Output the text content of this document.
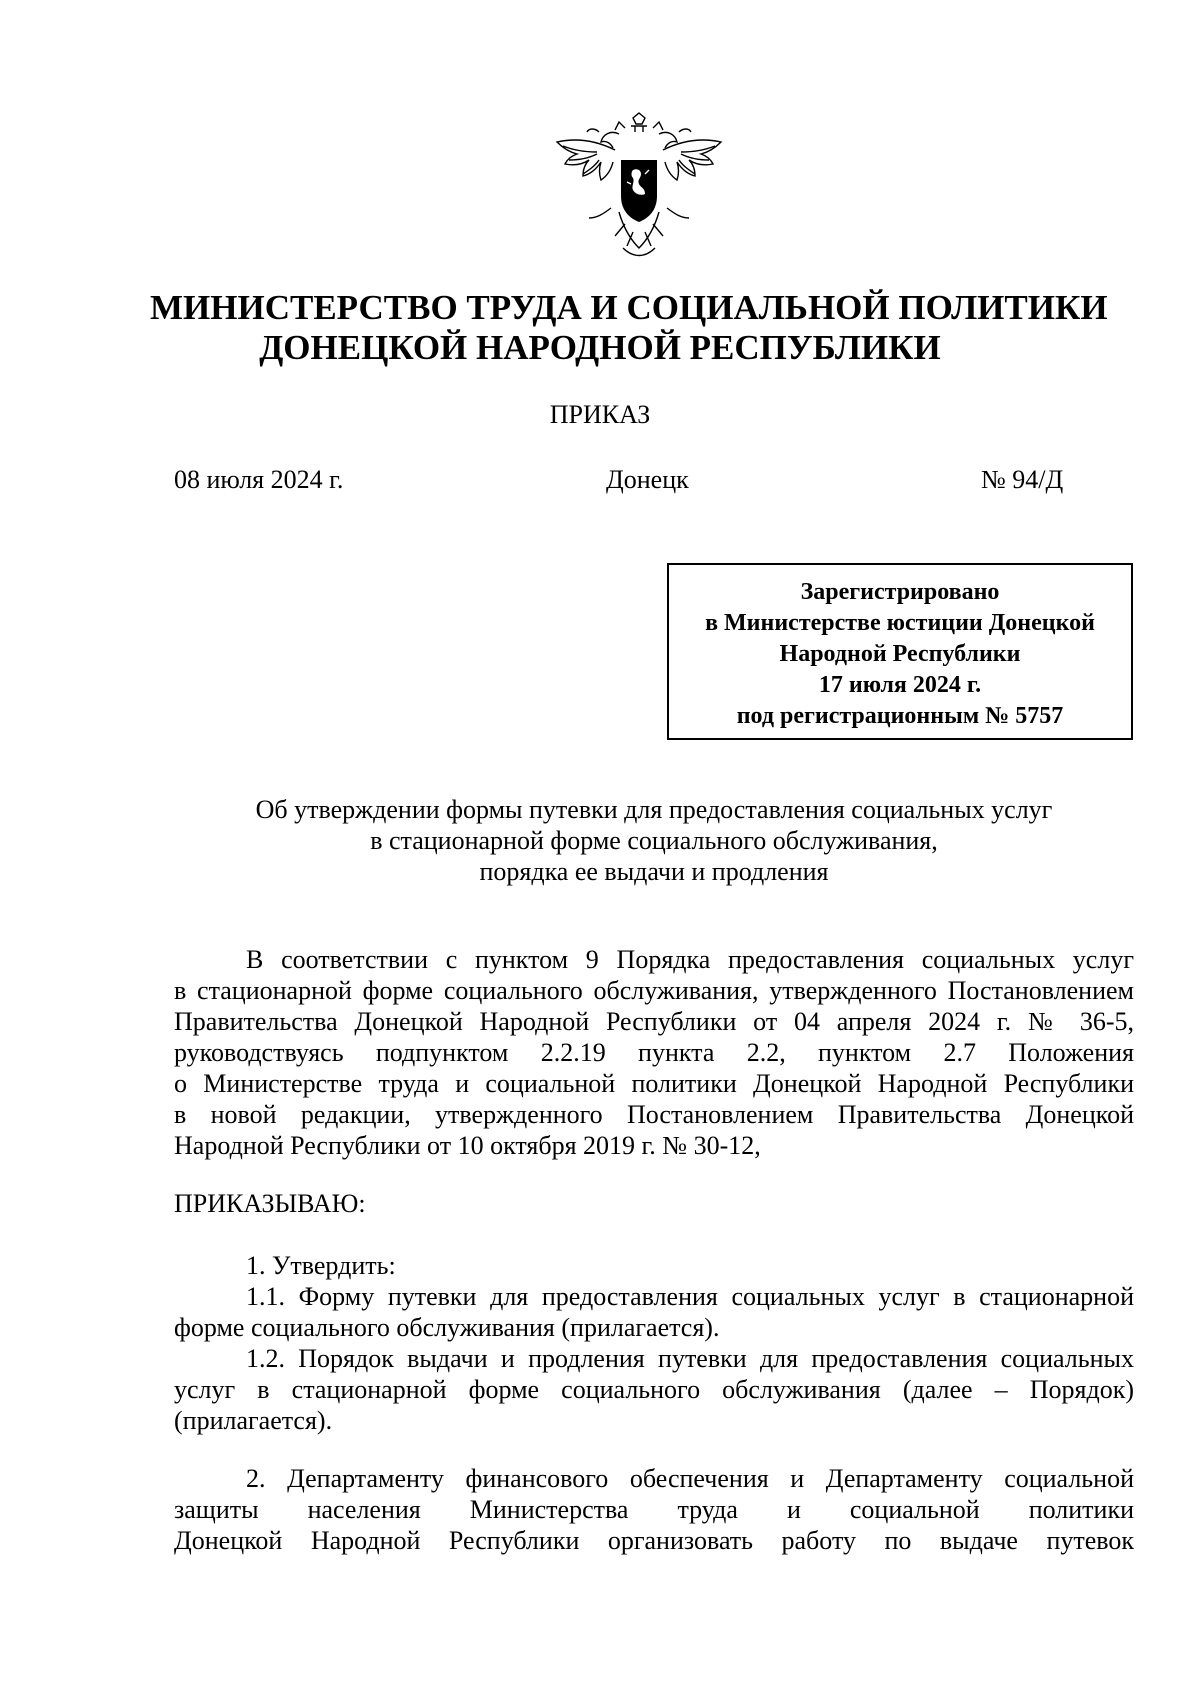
МИНИСТЕРСТВО ТРУДА И СОЦИАЛЬНОЙ ПОЛИТИКИ
ДОНЕЦКОЙ НАРОДНОЙ РЕСПУБЛИКИ
ПРИКАЗ
08 июля 2024 г.	Донецк	№ 94/Д
Зарегистрировано
в Министерстве юстиции Донецкой
Народной Республики
17 июля 2024 г.
под регистрационным № 5757
Об утверждении формы путевки для предоставления социальных услуг
в стационарной форме социального обслуживания,
порядка ее выдачи и продления
В соответствии с пунктом 9 Порядка предоставления социальных услуг
в стационарной форме социального обслуживания, утвержденного Постановлением
Правительства Донецкой Народной Республики от 04 апреля 2024 г. № 36-5,
руководствуясь подпунктом 2.2.19 пункта 2.2, пунктом 2.7 Положения
о Министерстве труда и социальной политики Донецкой Народной Республики
в новой редакции, утвержденного Постановлением Правительства Донецкой
Народной Республики от 10 октября 2019 г. № 30-12,
ПРИКАЗЫВАЮ:
1. Утвердить:
1.1. Форму путевки для предоставления социальных услуг в стационарной
форме социального обслуживания (прилагается).
1.2. Порядок выдачи и продления путевки для предоставления социальных
услуг в стационарной форме социального обслуживания (далее – Порядок)
(прилагается).
2. Департаменту финансового обеспечения и Департаменту социальной
защиты населения Министерства труда и социальной политики
Донецкой Народной Республики организовать работу по выдаче путевок
